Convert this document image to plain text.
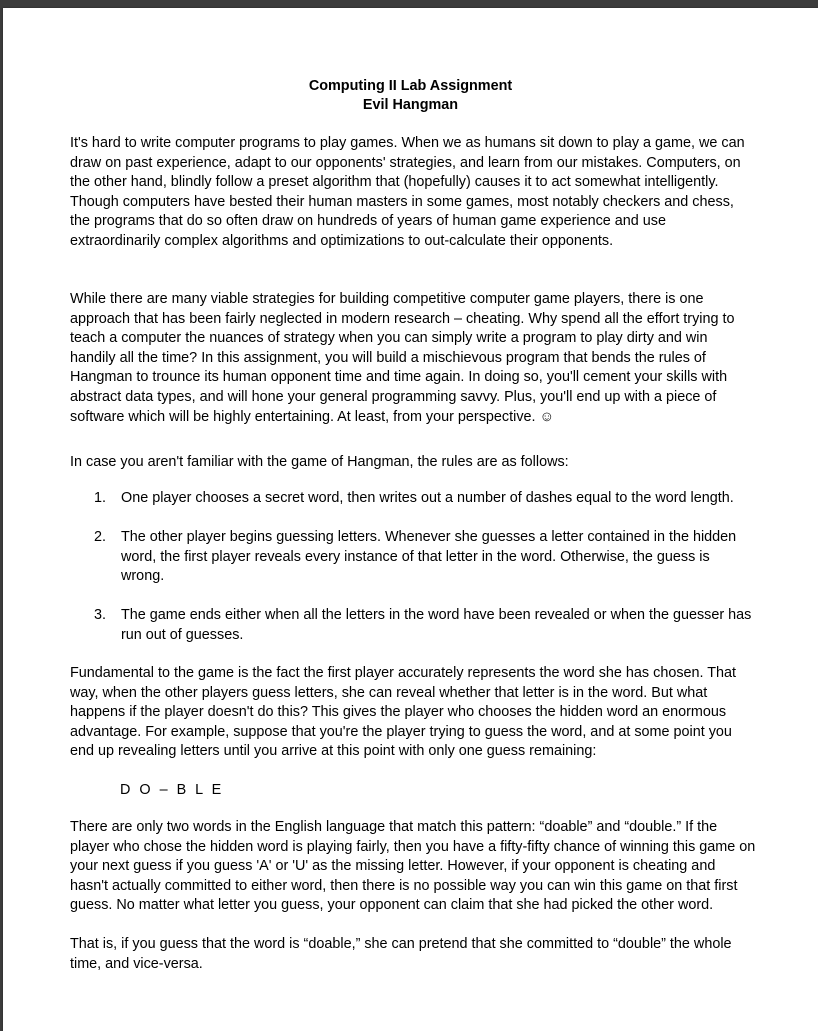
Computing II Lab Assignment
Evil Hangman

It's hard to write computer programs to play games. When we as humans sit down to play a game, we can draw on past experience, adapt to our opponents' strategies, and learn from our mistakes. Computers, on the other hand, blindly follow a preset algorithm that (hopefully) causes it to act somewhat intelligently. Though computers have bested their human masters in some games, most notably checkers and chess, the programs that do so often draw on hundreds of years of human game experience and use extraordinarily complex algorithms and optimizations to out-calculate their opponents.

While there are many viable strategies for building competitive computer game players, there is one approach that has been fairly neglected in modern research – cheating. Why spend all the effort trying to teach a computer the nuances of strategy when you can simply write a program to play dirty and win handily all the time? In this assignment, you will build a mischievous program that bends the rules of Hangman to trounce its human opponent time and time again. In doing so, you'll cement your skills with abstract data types, and will hone your general programming savvy. Plus, you'll end up with a piece of software which will be highly entertaining. At least, from your perspective. ☺

In case you aren't familiar with the game of Hangman, the rules are as follows:

1. One player chooses a secret word, then writes out a number of dashes equal to the word length.
2. The other player begins guessing letters. Whenever she guesses a letter contained in the hidden word, the first player reveals every instance of that letter in the word. Otherwise, the guess is wrong.
3. The game ends either when all the letters in the word have been revealed or when the guesser has run out of guesses.

Fundamental to the game is the fact the first player accurately represents the word she has chosen. That way, when the other players guess letters, she can reveal whether that letter is in the word. But what happens if the player doesn't do this? This gives the player who chooses the hidden word an enormous advantage. For example, suppose that you're the player trying to guess the word, and at some point you end up revealing letters until you arrive at this point with only one guess remaining:

D O – B L E

There are only two words in the English language that match this pattern: “doable” and “double.” If the player who chose the hidden word is playing fairly, then you have a fifty-fifty chance of winning this game on your next guess if you guess 'A' or 'U' as the missing letter. However, if your opponent is cheating and hasn't actually committed to either word, then there is no possible way you can win this game on that first guess. No matter what letter you guess, your opponent can claim that she had picked the other word.

That is, if you guess that the word is “doable,” she can pretend that she committed to “double” the whole time, and vice-versa.
